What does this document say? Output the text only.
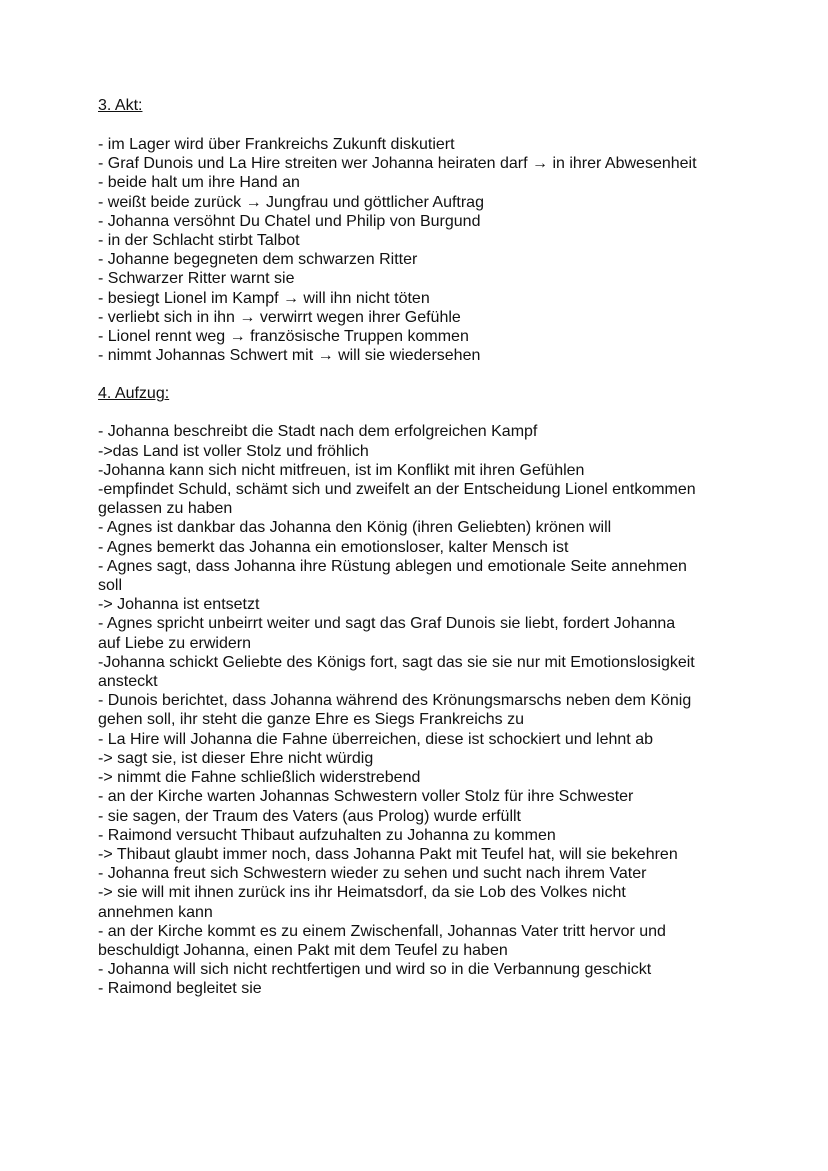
3. Akt:

- im Lager wird über Frankreichs Zukunft diskutiert

- Graf Dunois und La Hire streiten wer Johanna heiraten darf → in ihrer Abwesenheit

- beide halt um ihre Hand an

- weißt beide zurück → Jungfrau und göttlicher Auftrag

- Johanna versöhnt Du Chatel und Philip von Burgund

- in der Schlacht stirbt Talbot

- Johanne begegneten dem schwarzen Ritter

- Schwarzer Ritter warnt sie

- besiegt Lionel im Kampf → will ihn nicht töten

- verliebt sich in ihn → verwirrt wegen ihrer Gefühle

- Lionel rennt weg → französische Truppen kommen

- nimmt Johannas Schwert mit → will sie wiedersehen

4. Aufzug:

- Johanna beschreibt die Stadt nach dem erfolgreichen Kampf

->das Land ist voller Stolz und fröhlich

-Johanna kann sich nicht mitfreuen, ist im Konflikt mit ihren Gefühlen

-empfindet Schuld, schämt sich und zweifelt an der Entscheidung Lionel entkommen

gelassen zu haben

- Agnes ist dankbar das Johanna den König (ihren Geliebten) krönen will

- Agnes bemerkt das Johanna ein emotionsloser, kalter Mensch ist

- Agnes sagt, dass Johanna ihre Rüstung ablegen und emotionale Seite annehmen

soll

-> Johanna ist entsetzt

- Agnes spricht unbeirrt weiter und sagt das Graf Dunois sie liebt, fordert Johanna

auf Liebe zu erwidern

-Johanna schickt Geliebte des Königs fort, sagt das sie sie nur mit Emotionslosigkeit

ansteckt

- Dunois berichtet, dass Johanna während des Krönungsmarschs neben dem König

gehen soll, ihr steht die ganze Ehre es Siegs Frankreichs zu

- La Hire will Johanna die Fahne überreichen, diese ist schockiert und lehnt ab

-> sagt sie, ist dieser Ehre nicht würdig

-> nimmt die Fahne schließlich widerstrebend

- an der Kirche warten Johannas Schwestern voller Stolz für ihre Schwester

- sie sagen, der Traum des Vaters (aus Prolog) wurde erfüllt

- Raimond versucht Thibaut aufzuhalten zu Johanna zu kommen

-> Thibaut glaubt immer noch, dass Johanna Pakt mit Teufel hat, will sie bekehren

- Johanna freut sich Schwestern wieder zu sehen und sucht nach ihrem Vater

-> sie will mit ihnen zurück ins ihr Heimatsdorf, da sie Lob des Volkes nicht

annehmen kann

- an der Kirche kommt es zu einem Zwischenfall, Johannas Vater tritt hervor und

beschuldigt Johanna, einen Pakt mit dem Teufel zu haben

- Johanna will sich nicht rechtfertigen und wird so in die Verbannung geschickt

- Raimond begleitet sie
